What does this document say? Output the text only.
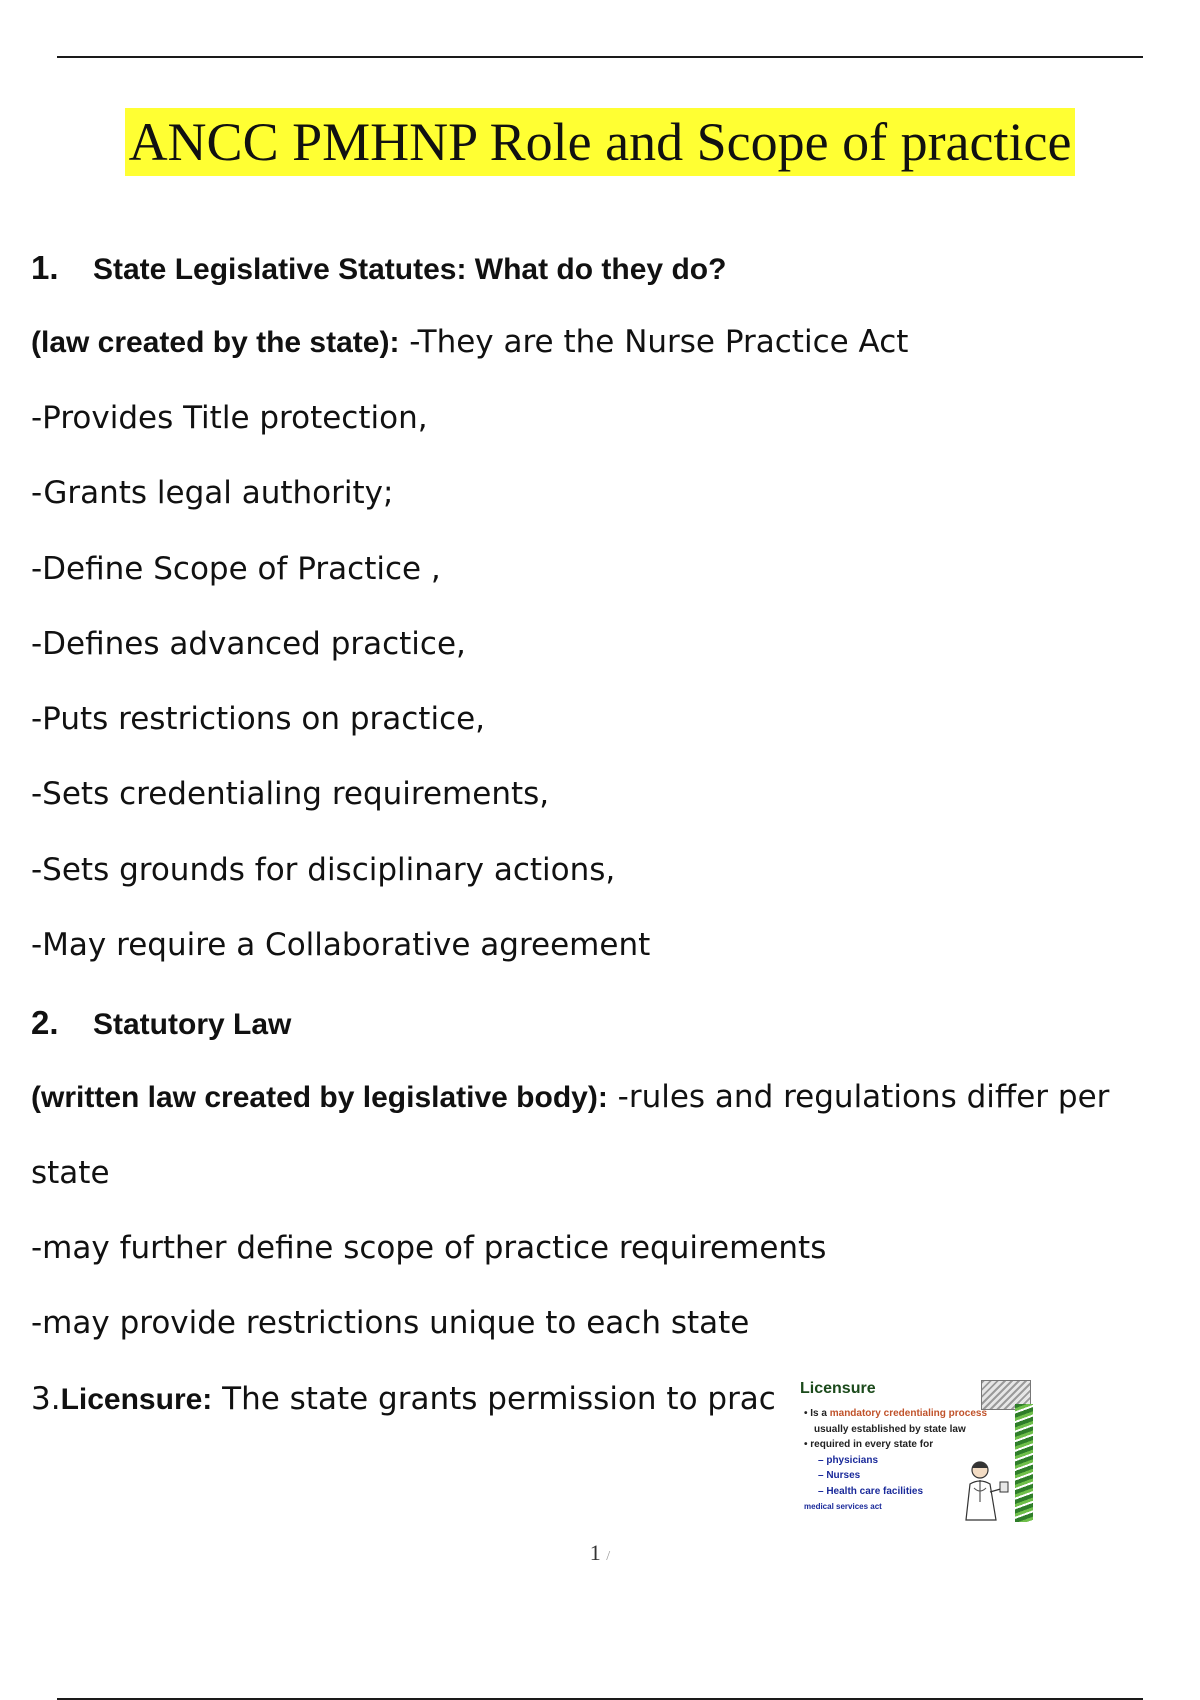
ANCC PMHNP Role and Scope of practice
1. State Legislative Statutes: What do they do?
(law created by the state): -They are the Nurse Practice Act
-Provides Title protection,
-Grants legal authority;
-Define Scope of Practice ,
-Defines advanced practice,
-Puts restrictions on practice,
-Sets credentialing requirements,
-Sets grounds for disciplinary actions,
-May require a Collaborative agreement
2. Statutory Law
(written law created by legislative body): -rules and regulations differ per
state
-may further define scope of practice requirements
-may provide restrictions unique to each state
3.Licensure: The state grants permission to prac Licensure
• Is a mandatory credentialing process
usually established by state law
• required in every state for
– physicians
– Nurses
– Health care facilities
medical services act
1 /
